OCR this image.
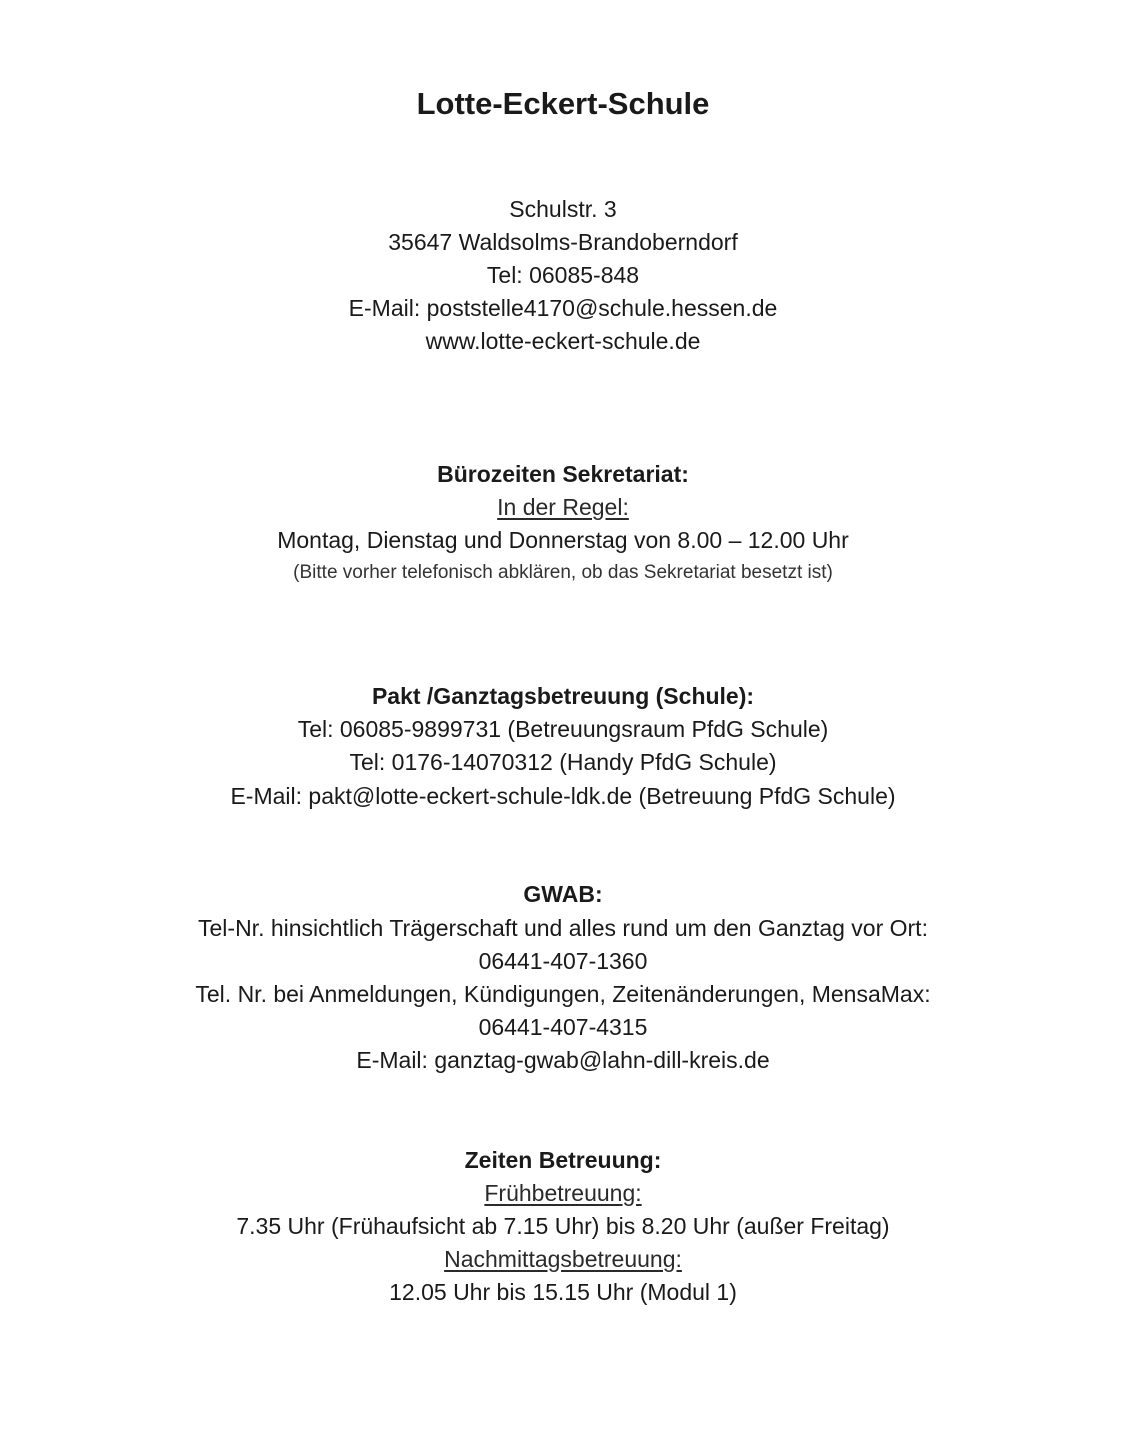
Lotte-Eckert-Schule
Schulstr. 3
35647 Waldsolms-Brandoberndorf
Tel: 06085-848
E-Mail: poststelle4170@schule.hessen.de
www.lotte-eckert-schule.de
Bürozeiten Sekretariat:
In der Regel:
Montag, Dienstag und Donnerstag von 8.00 – 12.00 Uhr
(Bitte vorher telefonisch abklären, ob das Sekretariat besetzt ist)
Pakt /Ganztagsbetreuung (Schule):
Tel: 06085-9899731 (Betreuungsraum PfdG Schule)
Tel: 0176-14070312 (Handy PfdG Schule)
E-Mail: pakt@lotte-eckert-schule-ldk.de (Betreuung PfdG Schule)
GWAB:
Tel-Nr. hinsichtlich Trägerschaft und alles rund um den Ganztag vor Ort:
06441-407-1360
Tel. Nr. bei Anmeldungen, Kündigungen, Zeitenänderungen, MensaMax:
06441-407-4315
E-Mail: ganztag-gwab@lahn-dill-kreis.de
Zeiten Betreuung:
Frühbetreuung:
7.35 Uhr (Frühaufsicht ab 7.15 Uhr) bis 8.20 Uhr (außer Freitag)
Nachmittagsbetreuung:
12.05 Uhr bis 15.15 Uhr (Modul 1)
